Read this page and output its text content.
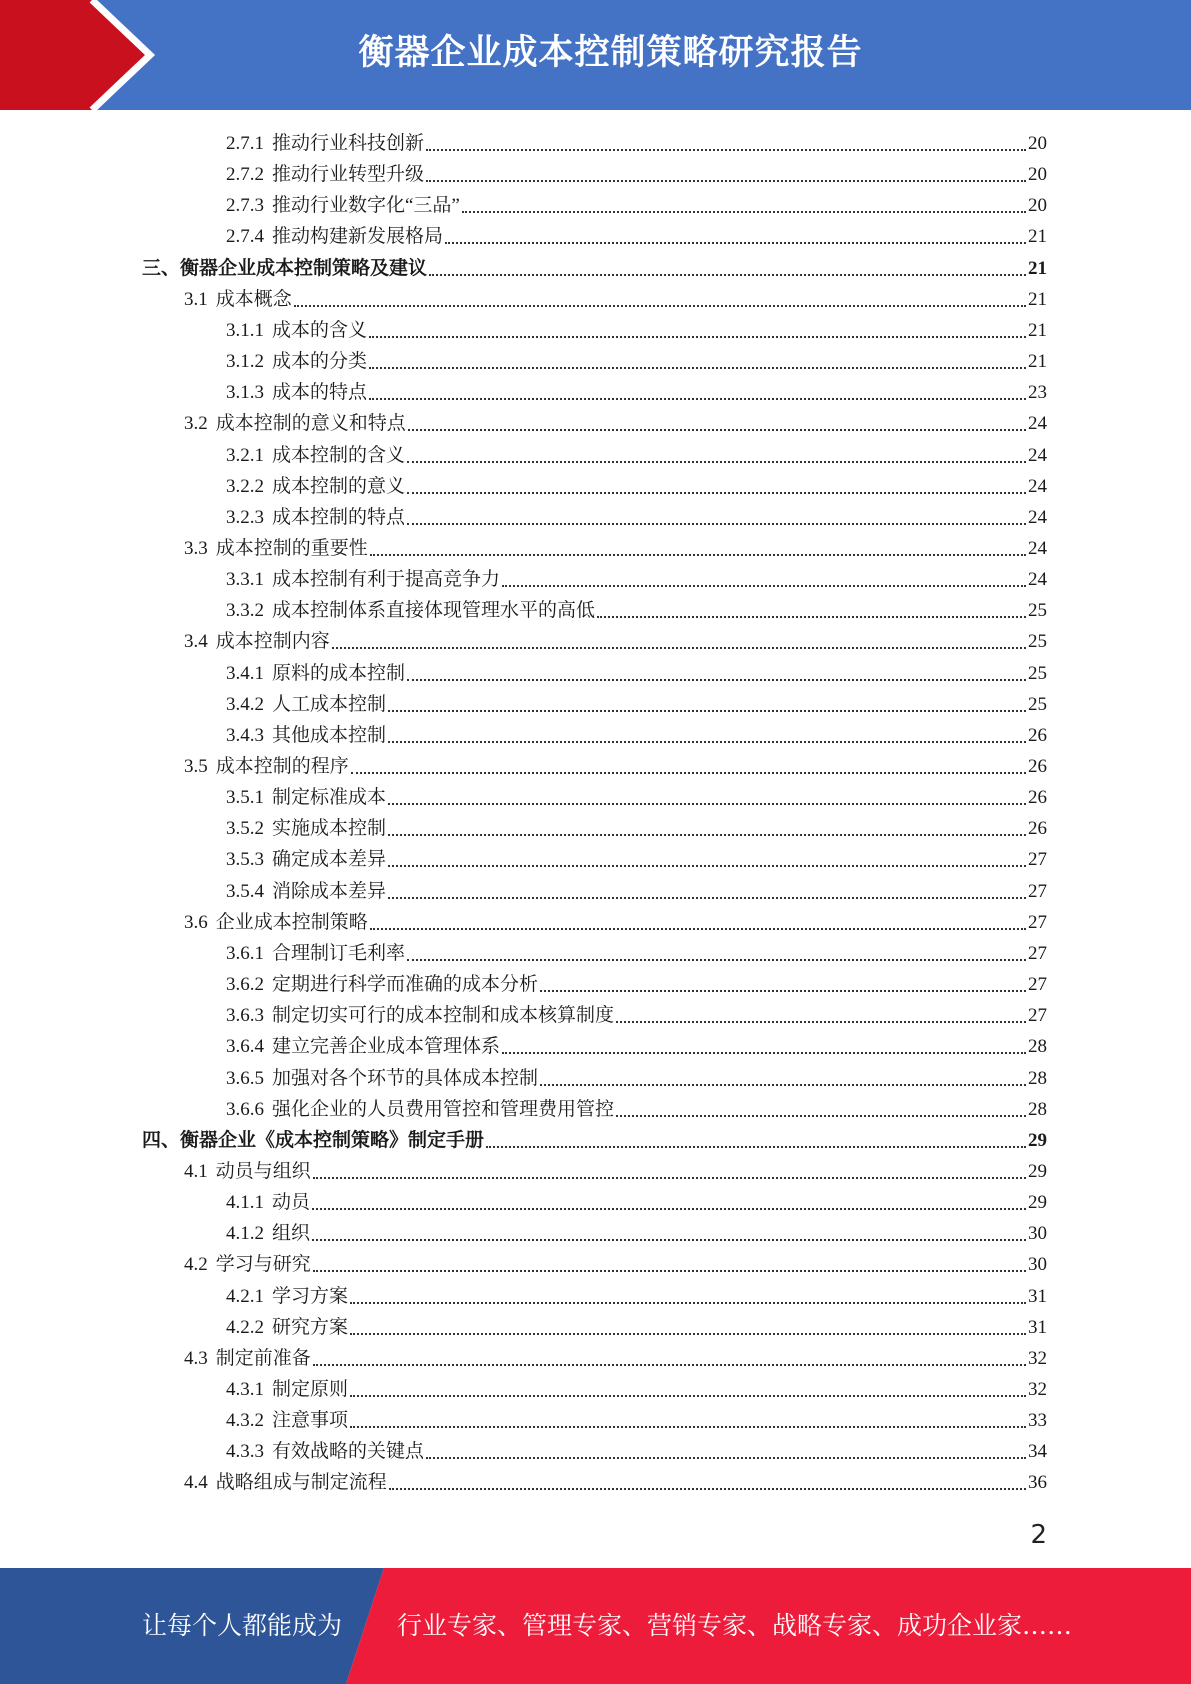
衡器企业成本控制策略研究报告
2.7.1 推动行业科技创新	20
2.7.2 推动行业转型升级	20
2.7.3 推动行业数字化“三品”	20
2.7.4 推动构建新发展格局	21
三、衡器企业成本控制策略及建议	21
3.1 成本概念	21
3.1.1 成本的含义	21
3.1.2 成本的分类	21
3.1.3 成本的特点	23
3.2 成本控制的意义和特点	24
3.2.1 成本控制的含义	24
3.2.2 成本控制的意义	24
3.2.3 成本控制的特点	24
3.3 成本控制的重要性	24
3.3.1 成本控制有利于提高竞争力	24
3.3.2 成本控制体系直接体现管理水平的高低	25
3.4 成本控制内容	25
3.4.1 原料的成本控制	25
3.4.2 人工成本控制	25
3.4.3 其他成本控制	26
3.5 成本控制的程序	26
3.5.1 制定标准成本	26
3.5.2 实施成本控制	26
3.5.3 确定成本差异	27
3.5.4 消除成本差异	27
3.6 企业成本控制策略	27
3.6.1 合理制订毛利率	27
3.6.2 定期进行科学而准确的成本分析	27
3.6.3 制定切实可行的成本控制和成本核算制度	27
3.6.4 建立完善企业成本管理体系	28
3.6.5 加强对各个环节的具体成本控制	28
3.6.6 强化企业的人员费用管控和管理费用管控	28
四、衡器企业《成本控制策略》制定手册	29
4.1 动员与组织	29
4.1.1 动员	29
4.1.2 组织	30
4.2 学习与研究	30
4.2.1 学习方案	31
4.2.2 研究方案	31
4.3 制定前准备	32
4.3.1 制定原则	32
4.3.2 注意事项	33
4.3.3 有效战略的关键点	34
4.4 战略组成与制定流程	36
2
让每个人都能成为 行业专家、管理专家、营销专家、战略专家、成功企业家……
